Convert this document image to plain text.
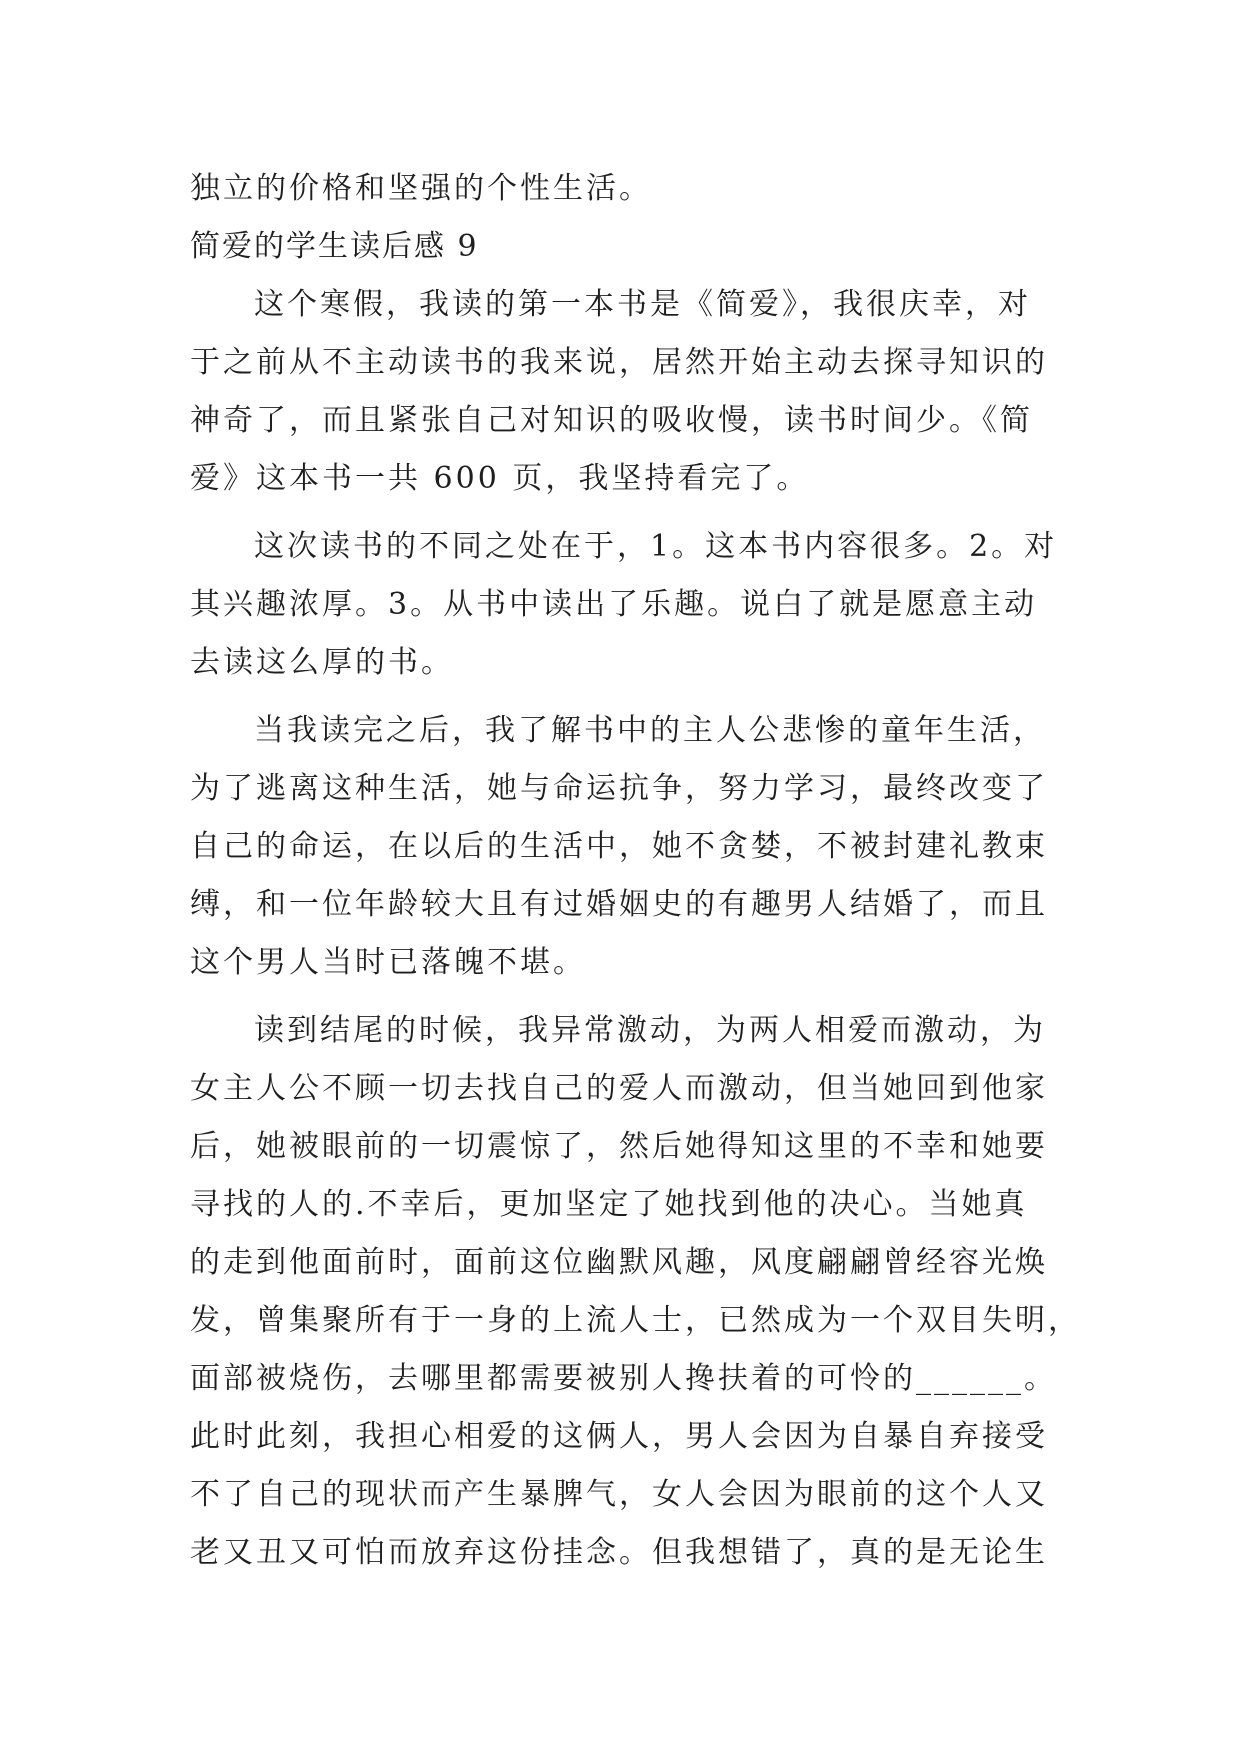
独立的价格和坚强的个性生活。
简爱的学生读后感 9
这个寒假，我读的第一本书是《简爱》，我很庆幸，对
于之前从不主动读书的我来说，居然开始主动去探寻知识的
神奇了，而且紧张自己对知识的吸收慢，读书时间少。《简
爱》这本书一共 600 页，我坚持看完了。
这次读书的不同之处在于，1。这本书内容很多。2。对
其兴趣浓厚。3。从书中读出了乐趣。说白了就是愿意主动
去读这么厚的书。
当我读完之后，我了解书中的主人公悲惨的童年生活，
为了逃离这种生活，她与命运抗争，努力学习，最终改变了
自己的命运，在以后的生活中，她不贪婪，不被封建礼教束
缚，和一位年龄较大且有过婚姻史的有趣男人结婚了，而且
这个男人当时已落魄不堪。
读到结尾的时候，我异常激动，为两人相爱而激动，为
女主人公不顾一切去找自己的爱人而激动，但当她回到他家
后，她被眼前的一切震惊了，然后她得知这里的不幸和她要
寻找的人的.不幸后，更加坚定了她找到他的决心。当她真
的走到他面前时，面前这位幽默风趣，风度翩翩曾经容光焕
发，曾集聚所有于一身的上流人士，已然成为一个双目失明，
面部被烧伤，去哪里都需要被别人搀扶着的可怜的______。
此时此刻，我担心相爱的这俩人，男人会因为自暴自弃接受
不了自己的现状而产生暴脾气，女人会因为眼前的这个人又
老又丑又可怕而放弃这份挂念。但我想错了，真的是无论生
